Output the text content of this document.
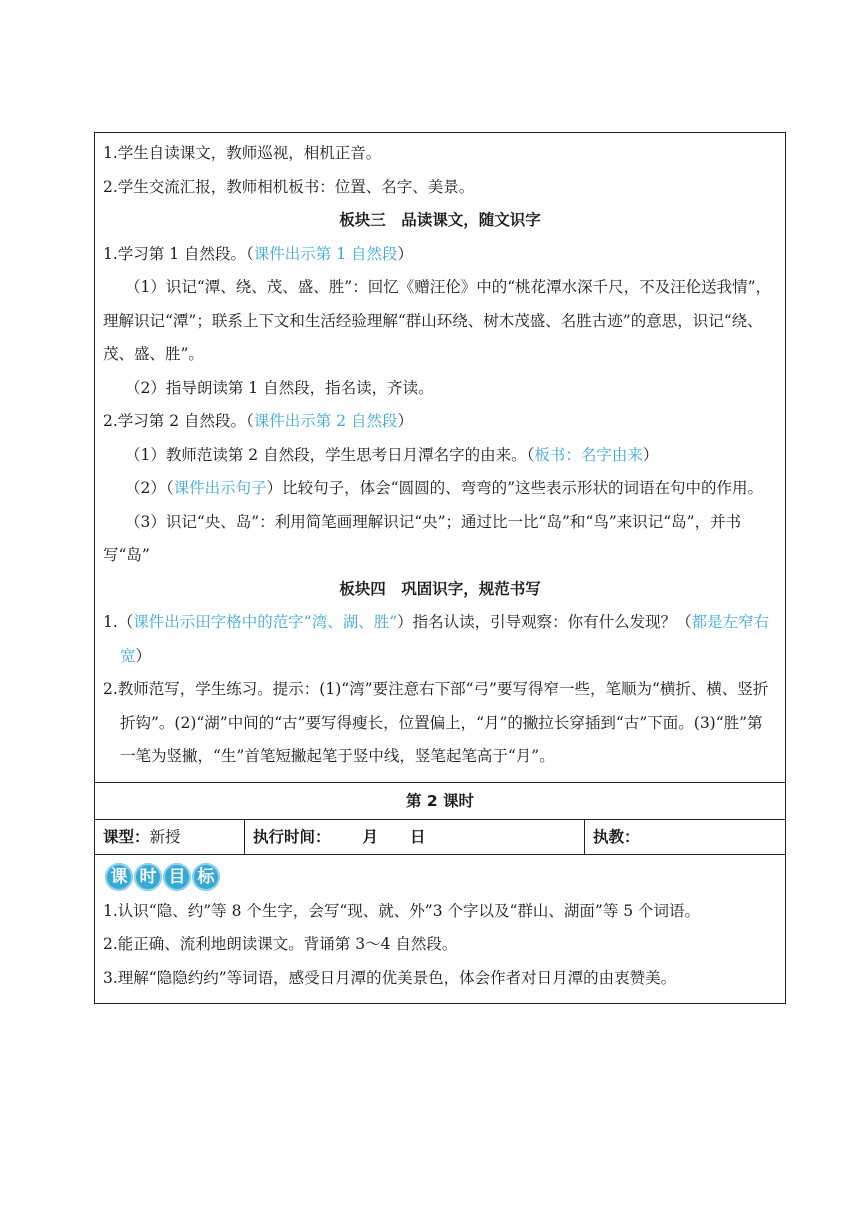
1.学生自读课文，教师巡视，相机正音。

2.学生交流汇报，教师相机板书：位置、名字、美景。

板块三　品读课文，随文识字

1.学习第 1 自然段。（课件出示第 1 自然段）

（1）识记“潭、绕、茂、盛、胜”：回忆《赠汪伦》中的“桃花潭水深千尺，不及汪伦送我情”，理解识记“潭”；联系上下文和生活经验理解“群山环绕、树木茂盛、名胜古迹”的意思，识记“绕、茂、盛、胜”。

（2）指导朗读第 1 自然段，指名读，齐读。

2.学习第 2 自然段。（课件出示第 2 自然段）

（1）教师范读第 2 自然段，学生思考日月潭名字的由来。（板书：名字由来）

（2）（课件出示句子）比较句子，体会“圆圆的、弯弯的”这些表示形状的词语在句中的作用。

（3）识记“央、岛”：利用简笔画理解识记“央”；通过比一比“岛”和“鸟”来识记“岛”，并书写“岛”

板块四　巩固识字，规范书写

1.（课件出示田字格中的范字“湾、湖、胜”）指名认读，引导观察：你有什么发现？（都是左窄右宽）

2.教师范写，学生练习。提示：(1)“湾”要注意右下部“弓”要写得窄一些，笔顺为“横折、横、竖折折钩”。(2)“湖”中间的“古”要写得瘦长，位置偏上，“月”的撇拉长穿插到“古”下面。(3)“胜”第一笔为竖撇，“生”首笔短撇起笔于竖中线，竖笔起笔高于“月”。

第 2 课时
课型：新授	执行时间： 月 日	执教：
课 时 目 标

1.认识“隐、约”等 8 个生字，会写“现、就、外”3 个字以及“群山、湖面”等 5 个词语。

2.能正确、流利地朗读课文。背诵第 3～4 自然段。

3.理解“隐隐约约”等词语，感受日月潭的优美景色，体会作者对日月潭的由衷赞美。
